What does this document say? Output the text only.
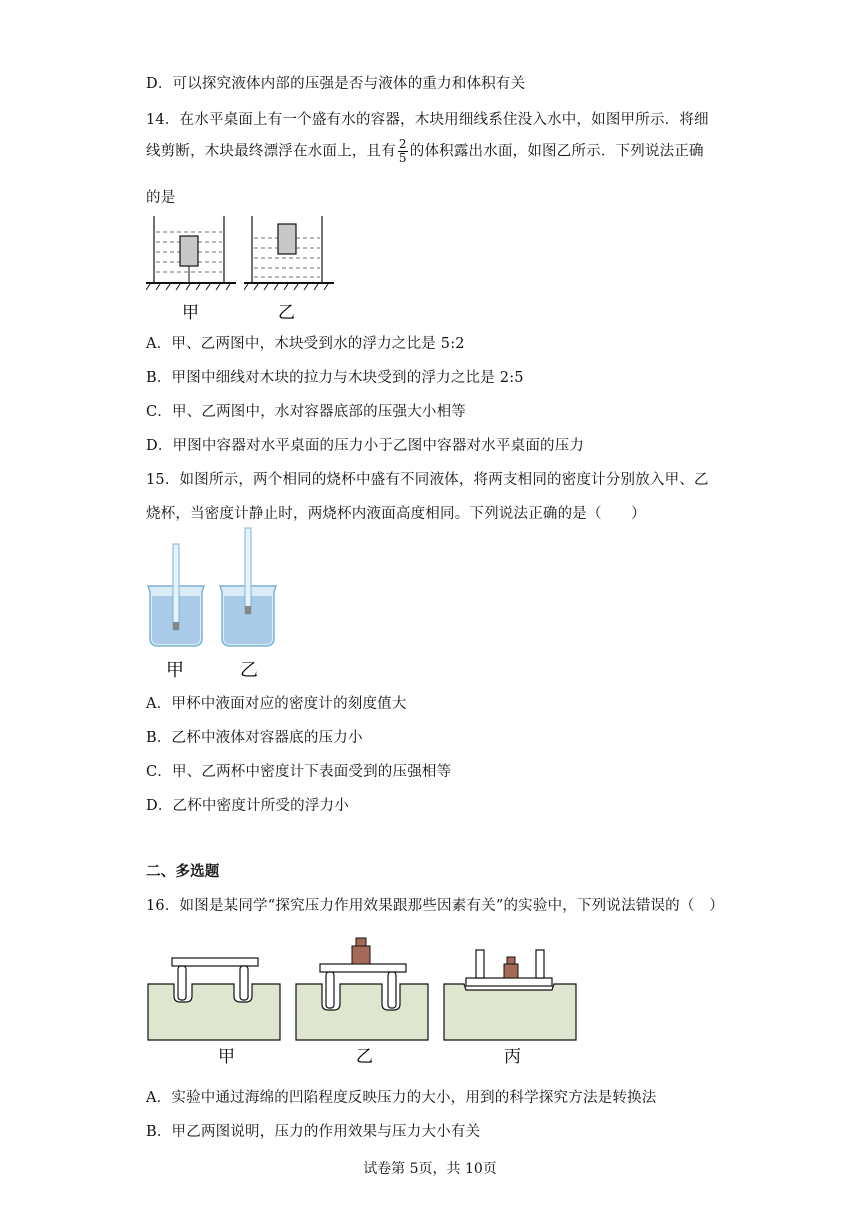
D．可以探究液体内部的压强是否与液体的重力和体积有关
14．在水平桌面上有一个盛有水的容器，木块用细线系住没入水中，如图甲所示．将细
线剪断，木块最终漂浮在水面上，且有 $\frac{2}{5}$ 的体积露出水面，如图乙所示．下列说法正确
的是
甲	乙
A．甲、乙两图中，木块受到水的浮力之比是 5:2
B．甲图中细线对木块的拉力与木块受到的浮力之比是 2:5
C．甲、乙两图中，水对容器底部的压强大小相等
D．甲图中容器对水平桌面的压力小于乙图中容器对水平桌面的压力
15．如图所示，两个相同的烧杯中盛有不同液体，将两支相同的密度计分别放入甲、乙
烧杯，当密度计静止时，两烧杯内液面高度相同。下列说法正确的是（　　）
甲	乙
A．甲杯中液面对应的密度计的刻度值大
B．乙杯中液体对容器底的压力小
C．甲、乙两杯中密度计下表面受到的压强相等
D．乙杯中密度计所受的浮力小
二、多选题
16．如图是某同学“探究压力作用效果跟那些因素有关”的实验中，下列说法错误的（　）
甲	乙	丙
A．实验中通过海绵的凹陷程度反映压力的大小，用到的科学探究方法是转换法
B．甲乙两图说明，压力的作用效果与压力大小有关
试卷第 5页，共 10页
